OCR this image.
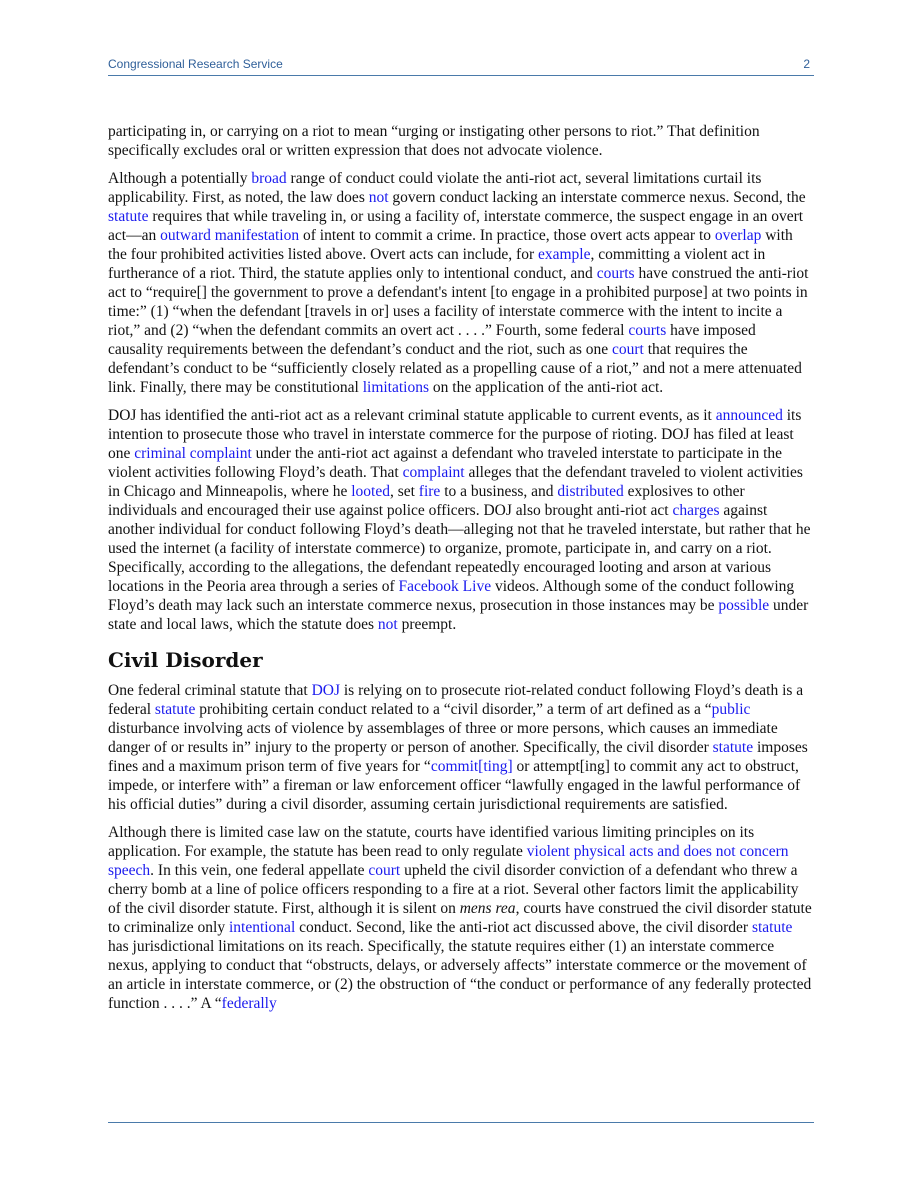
Congressional Research Service	2

participating in, or carrying on a riot to mean “urging or instigating other persons to riot.” That definition specifically excludes oral or written expression that does not advocate violence.

Although a potentially broad range of conduct could violate the anti-riot act, several limitations curtail its applicability. First, as noted, the law does not govern conduct lacking an interstate commerce nexus. Second, the statute requires that while traveling in, or using a facility of, interstate commerce, the suspect engage in an overt act—an outward manifestation of intent to commit a crime. In practice, those overt acts appear to overlap with the four prohibited activities listed above. Overt acts can include, for example, committing a violent act in furtherance of a riot. Third, the statute applies only to intentional conduct, and courts have construed the anti-riot act to “require[] the government to prove a defendant's intent [to engage in a prohibited purpose] at two points in time:” (1) “when the defendant [travels in or] uses a facility of interstate commerce with the intent to incite a riot,” and (2) “when the defendant commits an overt act . . . .” Fourth, some federal courts have imposed causality requirements between the defendant’s conduct and the riot, such as one court that requires the defendant’s conduct to be “sufficiently closely related as a propelling cause of a riot,” and not a mere attenuated link. Finally, there may be constitutional limitations on the application of the anti-riot act.

DOJ has identified the anti-riot act as a relevant criminal statute applicable to current events, as it announced its intention to prosecute those who travel in interstate commerce for the purpose of rioting. DOJ has filed at least one criminal complaint under the anti-riot act against a defendant who traveled interstate to participate in the violent activities following Floyd’s death. That complaint alleges that the defendant traveled to violent activities in Chicago and Minneapolis, where he looted, set fire to a business, and distributed explosives to other individuals and encouraged their use against police officers. DOJ also brought anti-riot act charges against another individual for conduct following Floyd’s death—alleging not that he traveled interstate, but rather that he used the internet (a facility of interstate commerce) to organize, promote, participate in, and carry on a riot. Specifically, according to the allegations, the defendant repeatedly encouraged looting and arson at various locations in the Peoria area through a series of Facebook Live videos. Although some of the conduct following Floyd’s death may lack such an interstate commerce nexus, prosecution in those instances may be possible under state and local laws, which the statute does not preempt.

Civil Disorder

One federal criminal statute that DOJ is relying on to prosecute riot-related conduct following Floyd’s death is a federal statute prohibiting certain conduct related to a “civil disorder,” a term of art defined as a “public disturbance involving acts of violence by assemblages of three or more persons, which causes an immediate danger of or results in” injury to the property or person of another. Specifically, the civil disorder statute imposes fines and a maximum prison term of five years for “commit[ting] or attempt[ing] to commit any act to obstruct, impede, or interfere with” a fireman or law enforcement officer “lawfully engaged in the lawful performance of his official duties” during a civil disorder, assuming certain jurisdictional requirements are satisfied.

Although there is limited case law on the statute, courts have identified various limiting principles on its application. For example, the statute has been read to only regulate violent physical acts and does not concern speech. In this vein, one federal appellate court upheld the civil disorder conviction of a defendant who threw a cherry bomb at a line of police officers responding to a fire at a riot. Several other factors limit the applicability of the civil disorder statute. First, although it is silent on mens rea, courts have construed the civil disorder statute to criminalize only intentional conduct. Second, like the anti-riot act discussed above, the civil disorder statute has jurisdictional limitations on its reach. Specifically, the statute requires either (1) an interstate commerce nexus, applying to conduct that “obstructs, delays, or adversely affects” interstate commerce or the movement of an article in interstate commerce, or (2) the obstruction of “the conduct or performance of any federally protected function . . . .” A “federally
